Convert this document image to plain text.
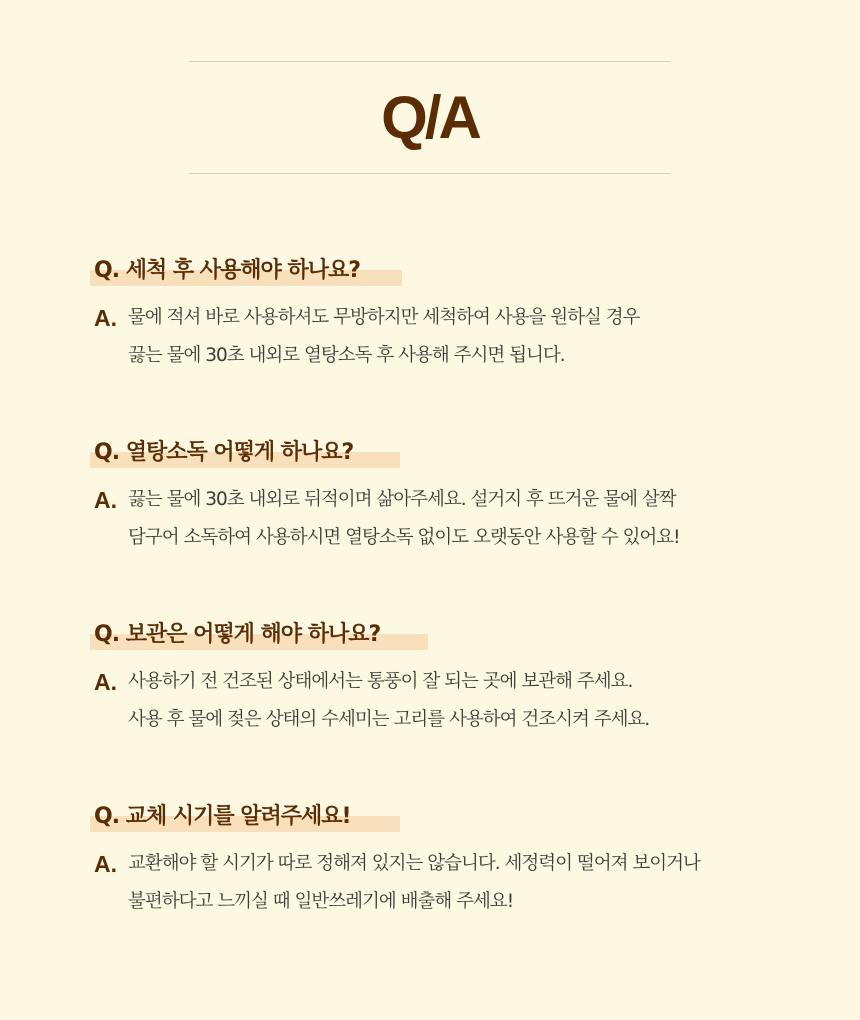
Q/A
Q. 세척 후 사용해야 하나요?
A. 물에 적셔 바로 사용하셔도 무방하지만 세척하여 사용을 원하실 경우
끓는 물에 30초 내외로 열탕소독 후 사용해 주시면 됩니다.
Q. 열탕소독 어떻게 하나요?
A. 끓는 물에 30초 내외로 뒤적이며 삶아주세요. 설거지 후 뜨거운 물에 살짝
담구어 소독하여 사용하시면 열탕소독 없이도 오랫동안 사용할 수 있어요!
Q. 보관은 어떻게 해야 하나요?
A. 사용하기 전 건조된 상태에서는 통풍이 잘 되는 곳에 보관해 주세요.
사용 후 물에 젖은 상태의 수세미는 고리를 사용하여 건조시켜 주세요.
Q. 교체 시기를 알려주세요!
A. 교환해야 할 시기가 따로 정해져 있지는 않습니다. 세정력이 떨어져 보이거나
불편하다고 느끼실 때 일반쓰레기에 배출해 주세요!
